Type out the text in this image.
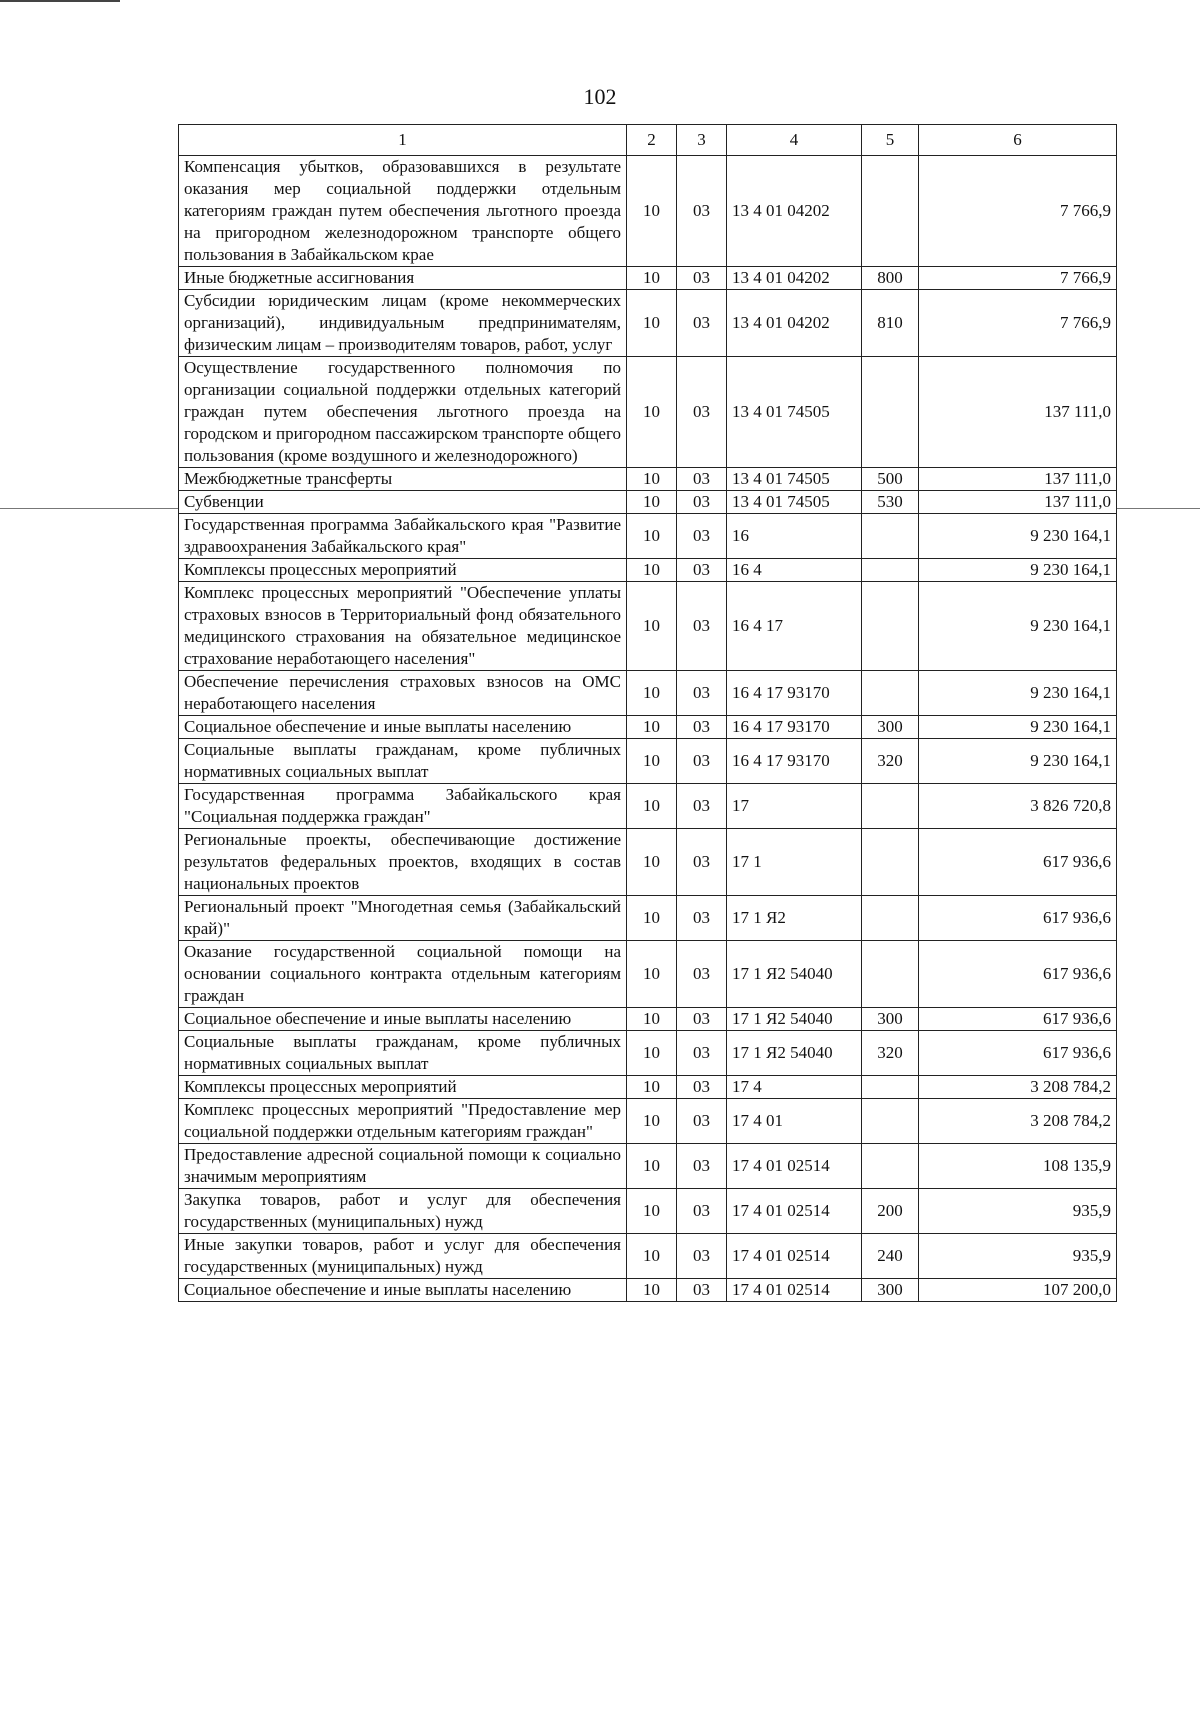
102
1	2	3	4	5	6
Компенсация убытков, образовавшихся в результате оказания мер социальной поддержки отдельным категориям граждан путем обеспечения льготного проезда на пригородном железнодорожном транспорте общего пользования в Забайкальском крае	10	03	13 4 01 04202		7 766,9
Иные бюджетные ассигнования	10	03	13 4 01 04202	800	7 766,9
Субсидии юридическим лицам (кроме некоммерческих организаций), индивидуальным предпринимателям, физическим лицам – производителям товаров, работ, услуг	10	03	13 4 01 04202	810	7 766,9
Осуществление государственного полномочия по организации социальной поддержки отдельных категорий граждан путем обеспечения льготного проезда на городском и пригородном пассажирском транспорте общего пользования (кроме воздушного и железнодорожного)	10	03	13 4 01 74505		137 111,0
Межбюджетные трансферты	10	03	13 4 01 74505	500	137 111,0
Субвенции	10	03	13 4 01 74505	530	137 111,0
Государственная программа Забайкальского края "Развитие здравоохранения Забайкальского края"	10	03	16		9 230 164,1
Комплексы процессных мероприятий	10	03	16 4		9 230 164,1
Комплекс процессных мероприятий "Обеспечение уплаты страховых взносов в Территориальный фонд обязательного медицинского страхования на обязательное медицинское страхование неработающего населения"	10	03	16 4 17		9 230 164,1
Обеспечение перечисления страховых взносов на ОМС неработающего населения	10	03	16 4 17 93170		9 230 164,1
Социальное обеспечение и иные выплаты населению	10	03	16 4 17 93170	300	9 230 164,1
Социальные выплаты гражданам, кроме публичных нормативных социальных выплат	10	03	16 4 17 93170	320	9 230 164,1
Государственная программа Забайкальского края "Социальная поддержка граждан"	10	03	17		3 826 720,8
Региональные проекты, обеспечивающие достижение результатов федеральных проектов, входящих в состав национальных проектов	10	03	17 1		617 936,6
Региональный проект "Многодетная семья (Забайкальский край)"	10	03	17 1 Я2		617 936,6
Оказание государственной социальной помощи на основании социального контракта отдельным категориям граждан	10	03	17 1 Я2 54040		617 936,6
Социальное обеспечение и иные выплаты населению	10	03	17 1 Я2 54040	300	617 936,6
Социальные выплаты гражданам, кроме публичных нормативных социальных выплат	10	03	17 1 Я2 54040	320	617 936,6
Комплексы процессных мероприятий	10	03	17 4		3 208 784,2
Комплекс процессных мероприятий "Предоставление мер социальной поддержки отдельным категориям граждан"	10	03	17 4 01		3 208 784,2
Предоставление адресной социальной помощи к социально значимым мероприятиям	10	03	17 4 01 02514		108 135,9
Закупка товаров, работ и услуг для обеспечения государственных (муниципальных) нужд	10	03	17 4 01 02514	200	935,9
Иные закупки товаров, работ и услуг для обеспечения государственных (муниципальных) нужд	10	03	17 4 01 02514	240	935,9
Социальное обеспечение и иные выплаты населению	10	03	17 4 01 02514	300	107 200,0
